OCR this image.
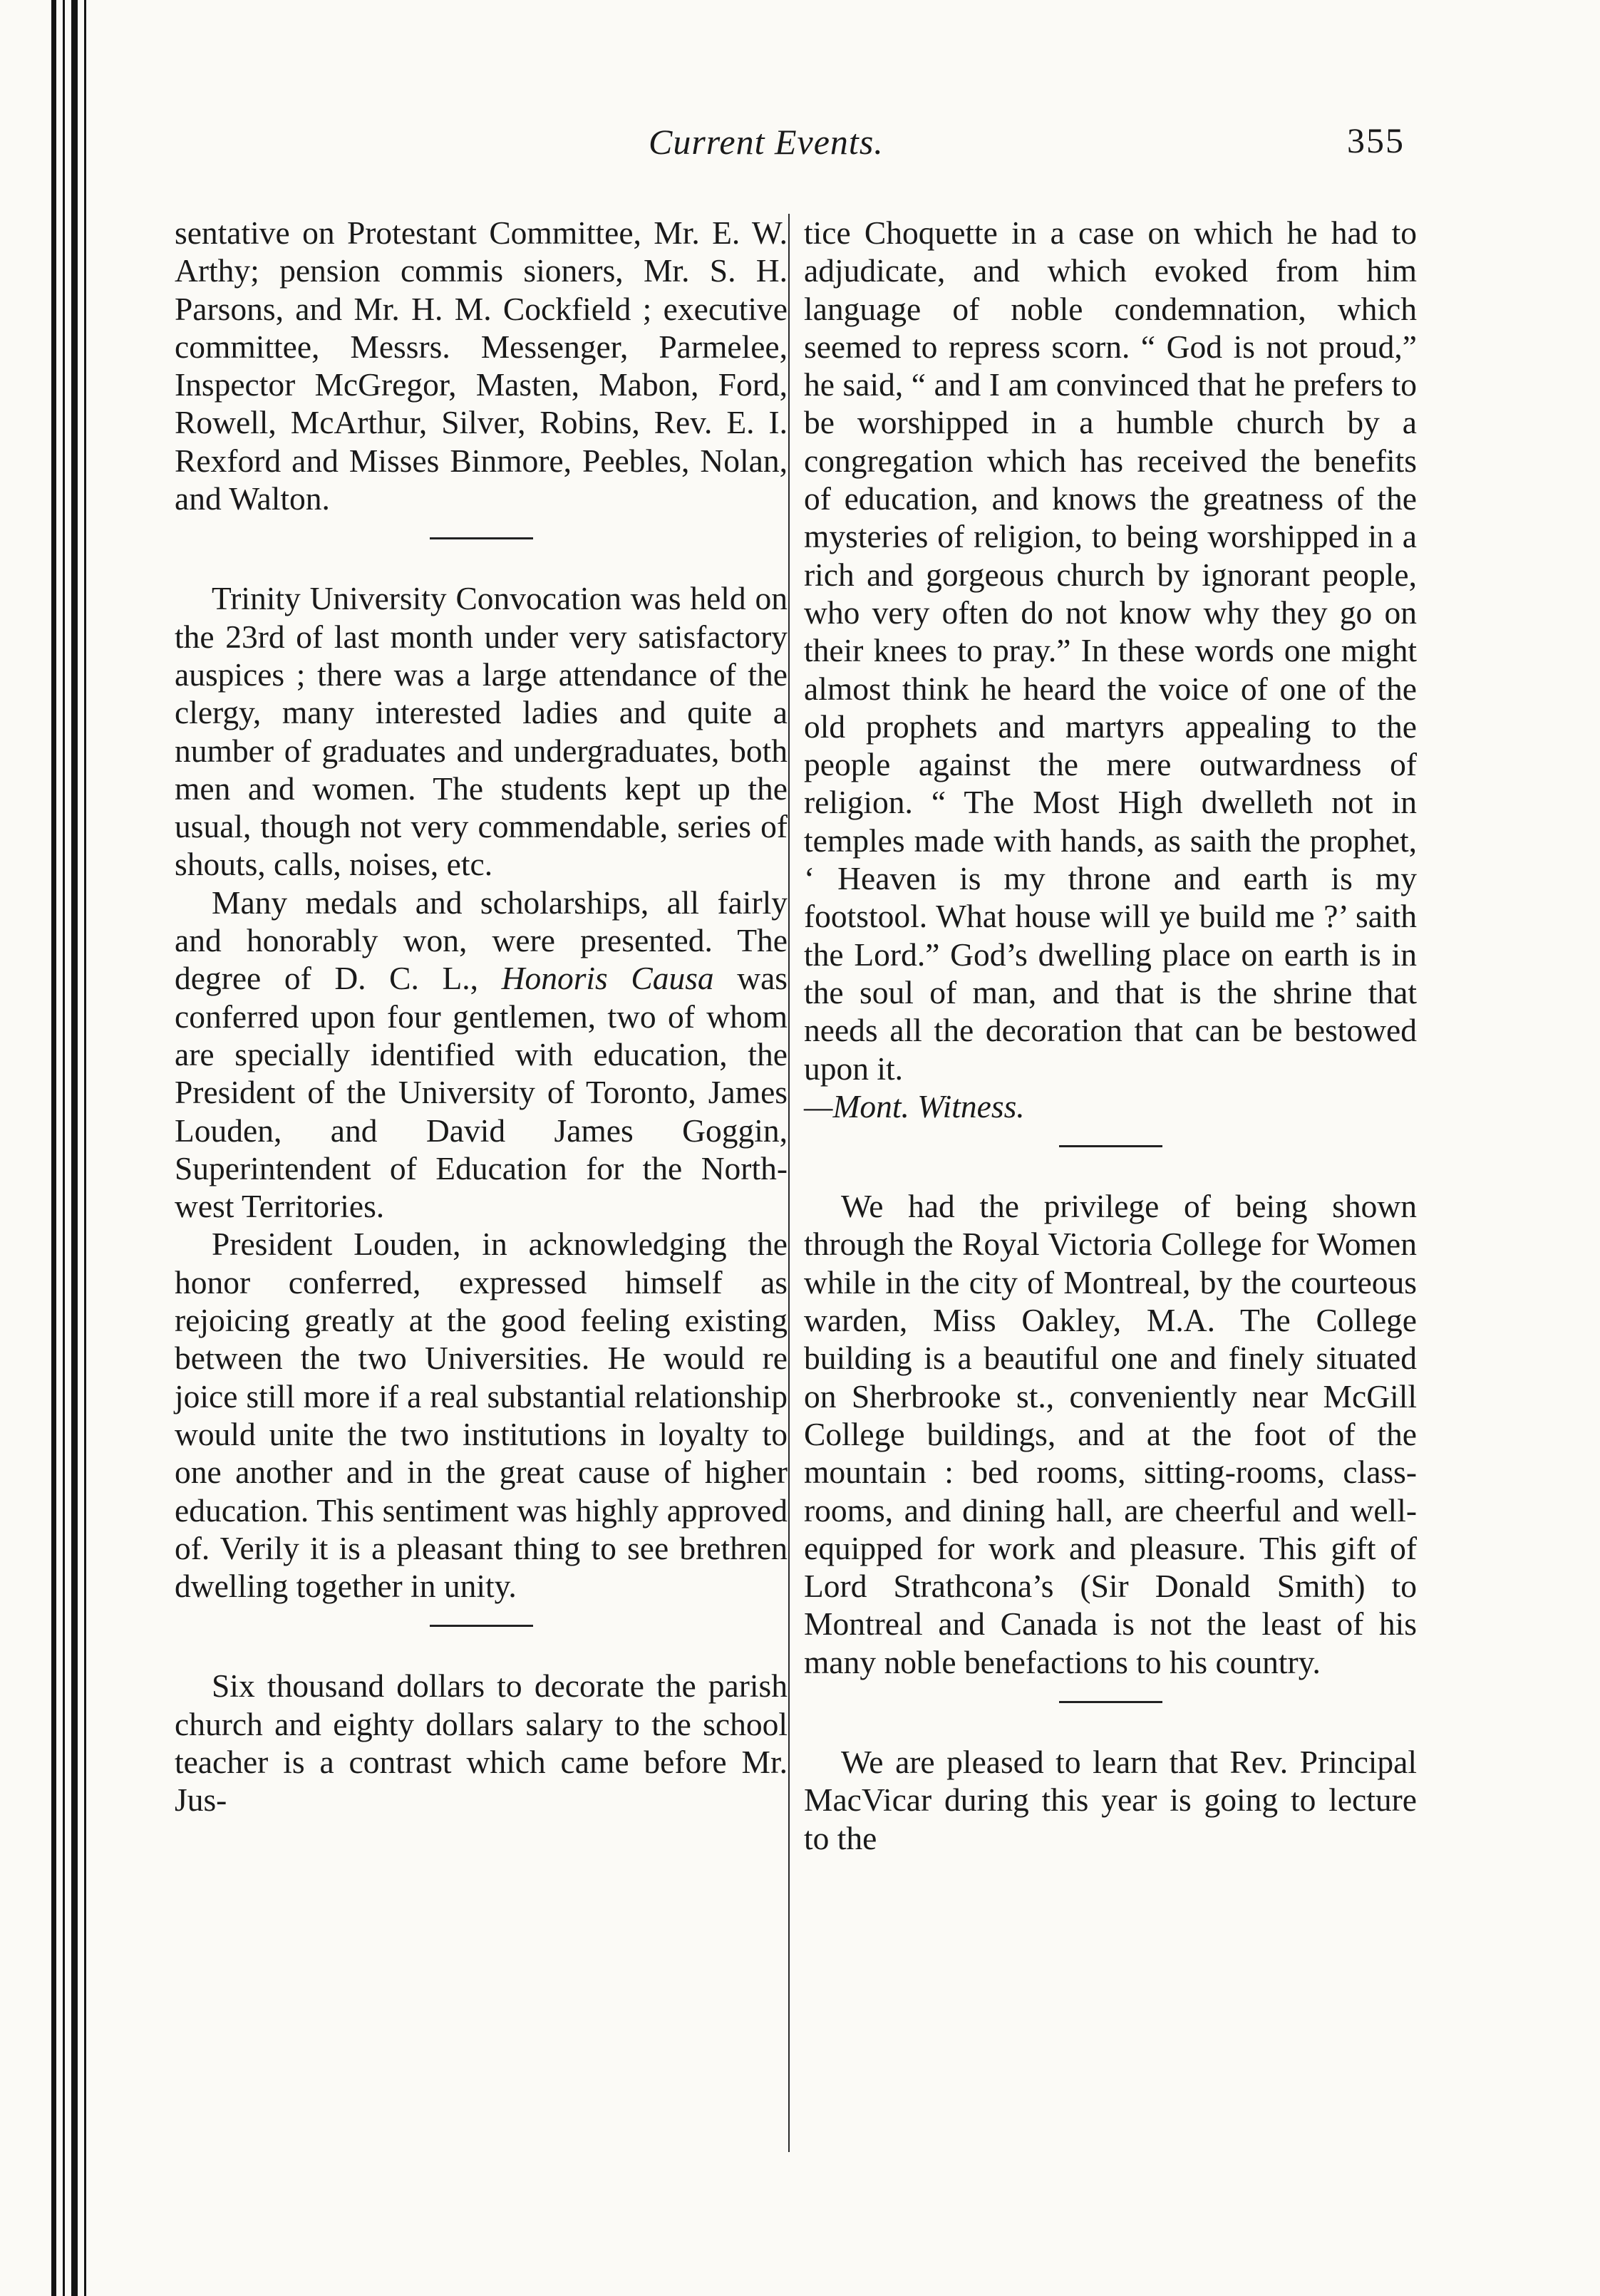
Current Events.	355

sentative on Protestant Committee, Mr. E. W. Arthy; pension commis sioners, Mr. S. H. Parsons, and Mr. H. M. Cockfield ; executive committee, Messrs. Messenger, Parmelee, Inspector McGregor, Masten, Mabon, Ford, Rowell, McArthur, Silver, Robins, Rev. E. I. Rexford and Misses Binmore, Peebles, Nolan, and Walton.

Trinity University Convocation was held on the 23rd of last month under very satisfactory auspices ; there was a large attendance of the clergy, many interested ladies and quite a number of graduates and undergraduates, both men and women. The students kept up the usual, though not very commendable, series of shouts, calls, noises, etc.

Many medals and scholarships, all fairly and honorably won, were presented. The degree of D. C. L., Honoris Causa was conferred upon four gentlemen, two of whom are specially identified with education, the President of the University of Toronto, James Louden, and David James Goggin, Superintendent of Education for the North-west Territories.

President Louden, in acknowledging the honor conferred, expressed himself as rejoicing greatly at the good feeling existing between the two Universities. He would re joice still more if a real substantial relationship would unite the two institutions in loyalty to one another and in the great cause of higher education. This sentiment was highly approved of. Verily it is a pleasant thing to see brethren dwelling together in unity.

Six thousand dollars to decorate the parish church and eighty dollars salary to the school teacher is a contrast which came before Mr. Jus-

tice Choquette in a case on which he had to adjudicate, and which evoked from him language of noble condemnation, which seemed to repress scorn. “ God is not proud,” he said, “ and I am convinced that he prefers to be worshipped in a humble church by a congregation which has received the benefits of education, and knows the greatness of the mysteries of religion, to being worshipped in a rich and gorgeous church by ignorant people, who very often do not know why they go on their knees to pray.” In these words one might almost think he heard the voice of one of the old prophets and martyrs appealing to the people against the mere outwardness of religion. “ The Most High dwelleth not in temples made with hands, as saith the prophet, ‘ Heaven is my throne and earth is my footstool. What house will ye build me ?’ saith the Lord.” God’s dwelling place on earth is in the soul of man, and that is the shrine that needs all the decoration that can be bestowed upon it.

—Mont. Witness.

We had the privilege of being shown through the Royal Victoria College for Women while in the city of Montreal, by the courteous warden, Miss Oakley, M.A. The College building is a beautiful one and finely situated on Sherbrooke st., conveniently near McGill College buildings, and at the foot of the mountain : bed rooms, sitting-rooms, class-rooms, and dining hall, are cheerful and well-equipped for work and pleasure. This gift of Lord Strathcona’s (Sir Donald Smith) to Montreal and Canada is not the least of his many noble benefactions to his country.

We are pleased to learn that Rev. Principal MacVicar during this year is going to lecture to the
